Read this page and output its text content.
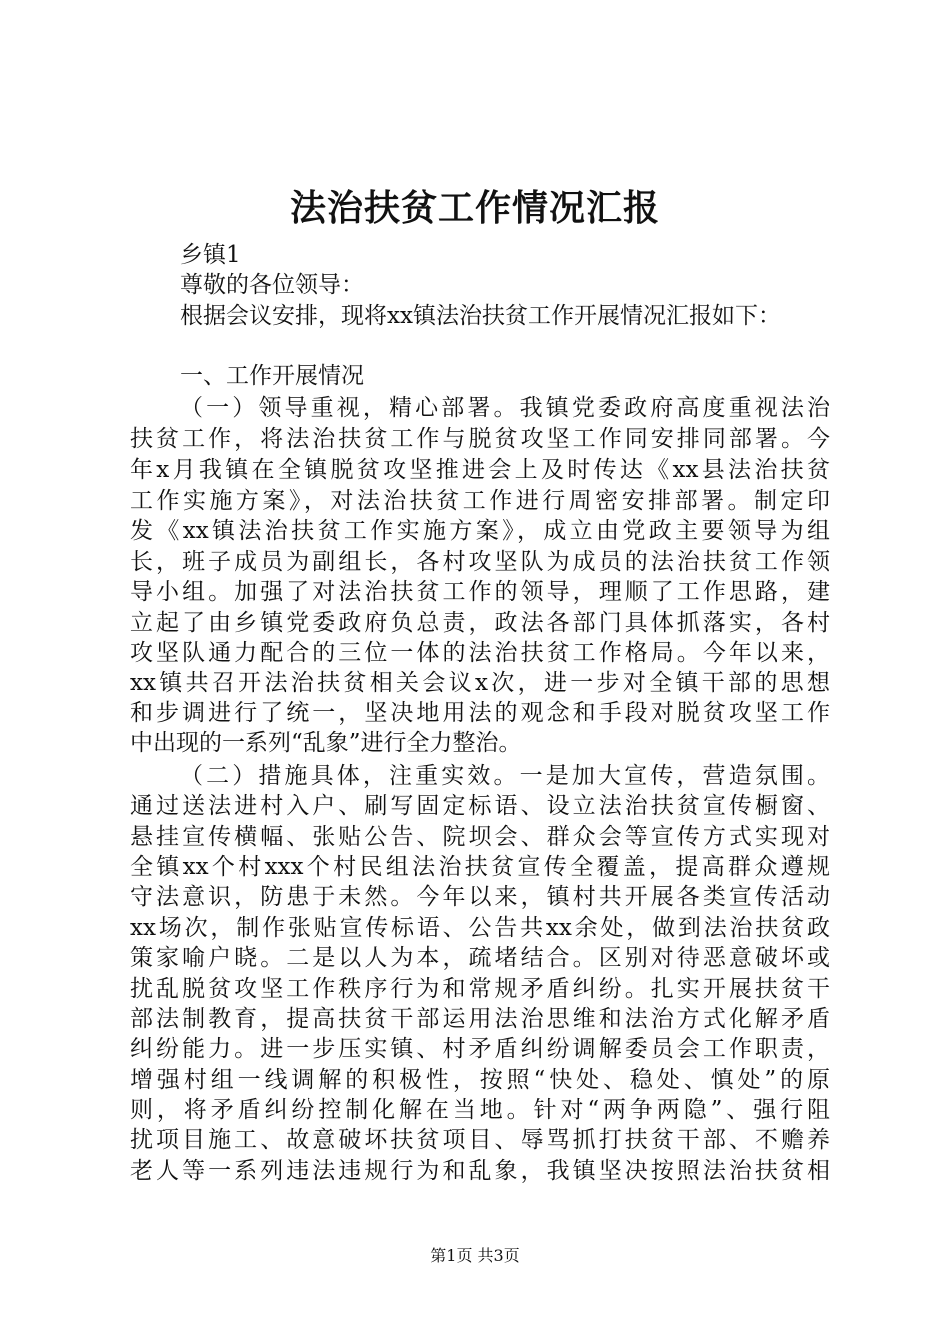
法治扶贫工作情况汇报
乡镇1
尊敬的各位领导：
根据会议安排，现将xx镇法治扶贫工作开展情况汇报如下：
一、工作开展情况
（一）领导重视，精心部署。我镇党委政府高度重视法治
扶贫工作，将法治扶贫工作与脱贫攻坚工作同安排同部署。今
年x月我镇在全镇脱贫攻坚推进会上及时传达《xx县法治扶贫
工作实施方案》，对法治扶贫工作进行周密安排部署。制定印
发《xx镇法治扶贫工作实施方案》，成立由党政主要领导为组
长，班子成员为副组长，各村攻坚队为成员的法治扶贫工作领
导小组。加强了对法治扶贫工作的领导，理顺了工作思路，建
立起了由乡镇党委政府负总责，政法各部门具体抓落实，各村
攻坚队通力配合的三位一体的法治扶贫工作格局。今年以来，
xx镇共召开法治扶贫相关会议x次，进一步对全镇干部的思想
和步调进行了统一，坚决地用法的观念和手段对脱贫攻坚工作
中出现的一系列“乱象”进行全力整治。
（二）措施具体，注重实效。一是加大宣传，营造氛围。
通过送法进村入户、刷写固定标语、设立法治扶贫宣传橱窗、
悬挂宣传横幅、张贴公告、院坝会、群众会等宣传方式实现对
全镇xx个村xxx个村民组法治扶贫宣传全覆盖，提高群众遵规
守法意识，防患于未然。今年以来，镇村共开展各类宣传活动
xx场次，制作张贴宣传标语、公告共xx余处，做到法治扶贫政
策家喻户晓。二是以人为本，疏堵结合。区别对待恶意破坏或
扰乱脱贫攻坚工作秩序行为和常规矛盾纠纷。扎实开展扶贫干
部法制教育，提高扶贫干部运用法治思维和法治方式化解矛盾
纠纷能力。进一步压实镇、村矛盾纠纷调解委员会工作职责，
增强村组一线调解的积极性，按照“快处、稳处、慎处”的原
则，将矛盾纠纷控制化解在当地。针对“两争两隐”、强行阻
扰项目施工、故意破坏扶贫项目、辱骂抓打扶贫干部、不赡养
老人等一系列违法违规行为和乱象，我镇坚决按照法治扶贫相
第1页 共3页
